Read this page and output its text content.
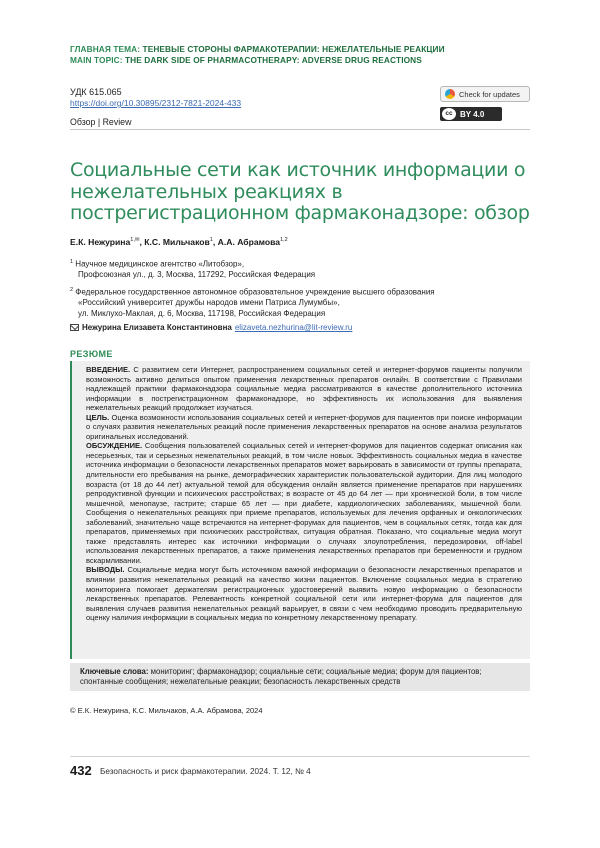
ГЛАВНАЯ ТЕМА: ТЕНЕВЫЕ СТОРОНЫ ФАРМАКОТЕРАПИИ: НЕЖЕЛАТЕЛЬНЫЕ РЕАКЦИИ
MAIN TOPIC: THE DARK SIDE OF PHARMACOTHERAPY: ADVERSE DRUG REACTIONS
УДК 615.065
https://doi.org/10.30895/2312-7821-2024-433
Check for updates
cc BY 4.0
Обзор | Review
Социальные сети как источник информации о нежелательных реакциях в пострегистрационном фармаконадзоре: обзор
Е.К. Нежурина$^{1,✉}$, К.С. Мильчаков$^1$, А.А. Абрамова$^{1,2}$
$^1$ Научное медицинское агентство «Литобзор»,
Профсоюзная ул., д. 3, Москва, 117292, Российская Федерация
$^2$ Федеральное государственное автономное образовательное учреждение высшего образования
«Российский университет дружбы народов имени Патриса Лумумбы»,
ул. Миклухо-Маклая, д. 6, Москва, 117198, Российская Федерация
Нежурина Елизавета Константиновна elizaveta.nezhurina@lit-review.ru
РЕЗЮМЕ

ВВЕДЕНИЕ. С развитием сети Интернет, распространением социальных сетей и интернет-форумов пациенты получили возможность активно делиться опытом применения лекарственных препаратов онлайн. В соответствии с Правилами надлежащей практики фармаконадзора социальные медиа рассматриваются в качестве дополнительного источника информации в пострегистрационном фармаконадзоре, но эффективность их использования для выявления нежелательных реакций продолжает изучаться.

ЦЕЛЬ. Оценка возможности использования социальных сетей и интернет-форумов для пациентов при поиске информации о случаях развития нежелательных реакций после применения лекарственных препаратов на основе анализа результатов оригинальных исследований.

ОБСУЖДЕНИЕ. Сообщения пользователей социальных сетей и интернет-форумов для пациентов содержат описания как несерьезных, так и серьезных нежелательных реакций, в том числе новых. Эффективность социальных медиа в качестве источника информации о безопасности лекарственных препаратов может варьировать в зависимости от группы препарата, длительности его пребывания на рынке, демографических характеристик пользовательской аудитории. Для лиц молодого возраста (от 18 до 44 лет) актуальной темой для обсуждения онлайн является применение препаратов при нарушениях репродуктивной функции и психических расстройствах; в возрасте от 45 до 64 лет — при хронической боли, в том числе мышечной, менопаузе, гастрите; старше 65 лет — при диабете, кардиологических заболеваниях, мышечной боли. Сообщения о нежелательных реакциях при приеме препаратов, используемых для лечения орфанных и онкологических заболеваний, значительно чаще встречаются на интернет-форумах для пациентов, чем в социальных сетях, тогда как для препаратов, применяемых при психических расстройствах, ситуация обратная. Показано, что социальные медиа могут также представлять интерес как источники информации о случаях злоупотребления, передозировки, off-label использования лекарственных препаратов, а также применения лекарственных препаратов при беременности и грудном вскармливании.

ВЫВОДЫ. Социальные медиа могут быть источником важной информации о безопасности лекарственных препаратов и влиянии развития нежелательных реакций на качество жизни пациентов. Включение социальных медиа в стратегию мониторинга помогает держателям регистрационных удостоверений выявить новую информацию о безопасности лекарственных препаратов. Релевантность конкретной социальной сети или интернет-форума для пациентов для выявления случаев развития нежелательных реакций варьирует, в связи с чем необходимо проводить предварительную оценку наличия информации в социальных медиа по конкретному лекарственному препарату.

Ключевые слова: мониторинг; фармаконадзор; социальные сети; социальные медиа; форум для пациентов; спонтанные сообщения; нежелательные реакции; безопасность лекарственных средств
© Е.К. Нежурина, К.С. Мильчаков, А.А. Абрамова, 2024
432 Безопасность и риск фармакотерапии. 2024. Т. 12, № 4
